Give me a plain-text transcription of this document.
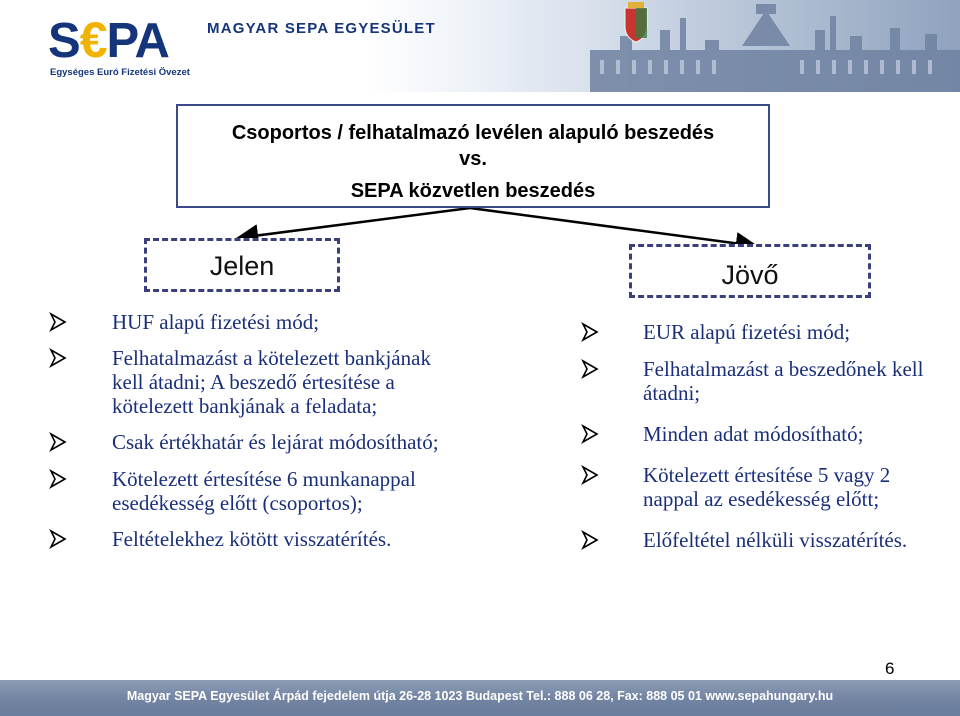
S€PA
Egységes Euró Fizetési Övezet
MAGYAR SEPA EGYESÜLET
Csoportos / felhatalmazó levélen alapuló beszedés
vs.
SEPA közvetlen beszedés
Jelen	Jövő
HUF alapú fizetési mód;
Felhatalmazást a kötelezett bankjának kell átadni; A beszedő értesítése a kötelezett bankjának a feladata;
Csak értékhatár és lejárat módosítható;
Kötelezett értesítése 6 munkanappal esedékesség előtt (csoportos);
Feltételekhez kötött visszatérítés.
EUR alapú fizetési mód;
Felhatalmazást a beszedőnek kell átadni;
Minden adat módosítható;
Kötelezett értesítése 5 vagy 2 nappal az esedékesség előtt;
Előfeltétel nélküli visszatérítés.
6
Magyar SEPA Egyesület Árpád fejedelem útja 26-28 1023 Budapest Tel.: 888 06 28, Fax: 888 05 01 www.sepahungary.hu
